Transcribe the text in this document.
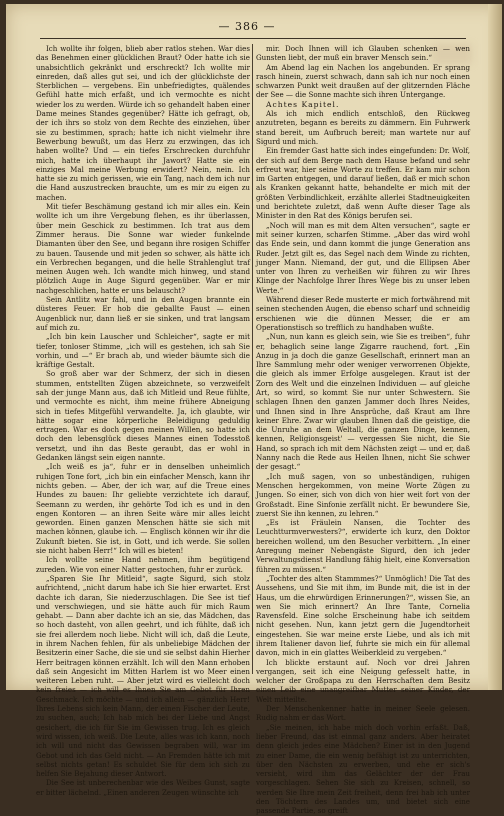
— 386 —

Ich wollte ihr folgen, blieb aber ratlos stehen. War dies das Benehmen einer glücklichen Braut? Oder hatte ich sie unabsichtlich gekränkt und erschreckt? Ich wollte mir einreden, daß alles gut sei, und ich der glücklichste der Sterblichen — vergebens. Ein unbefriedigtes, quälendes Gefühl hatte mich erfaßt, und ich vermochte es nicht wieder los zu werden. Würde ich so gehandelt haben einer Dame meines Standes gegenüber? Hätte ich gefragt, ob, der ich ihrs so stolz von dem Rechte des einziehen, über sie zu bestimmen, sprach; hatte ich nicht vielmehr ihre Bewerbung bewußt, um das Herz zu erzwingen, das ich haben wollte? Und — ein tiefes Erschrecken durchfuhr mich, hatte ich überhaupt ihr Jawort? Hatte sie ein einziges Mal meine Werbung erwidert? Nein, nein. Ich hatte sie zu mich gerissen, wie ein Tang, nach dem ich nur die Hand auszustrecken brauchte, um es mir zu eigen zu machen.

Mit tiefer Beschämung gestand ich mir alles ein. Kein wollte ich um ihre Vergebung flehen, es ihr überlassen, über mein Geschick zu bestimmen. Ich trat aus dem Zimmer heraus. Die Sonne war wieder funkelnde Diamanten über den See, und begann ihre rosigen Schiffer zu bauen. Tausende und mit jeden so schwer, als hätte ich ein Verbrechen begangen, und die helle Strahlenglut traf meinen Augen weh. Ich wandte mich hinweg, und stand plötzlich Auge in Auge Sigurd gegenüber. War er mir nachgeschlichen, hatte er uns belauscht?

Sein Antlitz war fahl, und in den Augen brannte ein düsteres Feuer. Er hob die geballte Faust — einen Augenblick nur, dann ließ er sie sinken, und trat langsam auf mich zu.

„Ich bin kein Lauscher und Schleicher“, sagte er mit tiefer, tonloser Stimme, „ich will es gestehen, ich sah Sie vorhin, und —“ Er brach ab, und wieder bäumte sich die kräftige Gestalt.

So groß aber war der Schmerz, der sich in diesen stummen, entstellten Zügen abzeichnete, so verzweifelt sah der junge Mann aus, daß ich Mitleid und Reue fühlte, und vermochte es nicht, ihm meine frühere Abneigung sich in tiefes Mitgefühl verwandelte. Ja, ich glaubte, wir hätte sogar eine körperliche Beleidigung geduldig ertragen. War es doch gegen meinen Willen, so hatte ich doch den lebensglück dieses Mannes einen Todesstoß versetzt, und ihn das Beste geraubt, das er wohl in Gedanken längst sein eigen nannte.

„Ich weiß es ja“, fuhr er in denselben unheimlich ruhigen Tone fort, „ich bin ein einfacher Mensch, kann ihr nichts geben. — Aber, der ich war, auf die Treue eines Hundes zu bauen: Ihr geliebte verzichtete ich darauf, Seemann zu werden, ihr gehörte Tod ich es und in den engen Kontoren — an ihren Seite wäre mir alles leicht geworden. Einen ganzen Menschen hätte sie sich mit machen können, glaube ich. — Englisch können wir ihr die Zukunft bieten. Sie ist, in Gott, und ich werde. Sie sollen sie nicht haben Herr!“ Ich will es bieten!

Ich wollte seine Hand nehmen, ihm begütigend zureden. Wie von einer Natter gestochen, fuhr er zurück.

„Sparen Sie Ihr Mitleid“, sagte Sigurd, sich stolz aufrichtend, „nicht darum habe ich Sie hier erwartet. Erst dachte ich daran, Sie niederzuschlagen. Die See ist tief und verschwiegen, und sie hätte auch für mich Raum gehabt. — Dann aber dachte ich an sie, das Mädchen, das so hoch dasteht, von allen geehrt, und ich fühlte, daß ich sie frei allerdem noch liebe. Nicht will ich, daß die Leute, in ihrem Nachen fehlen, für als unbeliebige Mädchen der Besitzerin einer Sache, die sie und sie selbst dahin Hierher Herr beitragen können erzählt. Ich will den Mann erhoben daß sein Angesicht im Mitten Harlem ist wo Meer einen weiteren Leben ruht. — Aber jetzt wird es vielleicht doch kein freies — ich will es Ihnen Sie am Gebot für Ihren Geschmack. Ich möchte — und ich allein — gänzlich Herr! Ihres Lebens sich kein Mann, der einen Fischer der Leute, zu suchen, auch; Ich hab mich bei der Liebe und Angst gesichert, die ich für Sie im Gewissen trug. Ich es gleich wird wissen, ich weiß. Die Leute, alles was ich kann, noch ich will und nicht das Gewissen begraben will, war im Gebot und ich das Geld nicht. — An Fremden hätte ich mit selbst nichts getan! Es schuldet Sie für dem ich sich zu helfen Sie Bejahung dieser Antwort.

Die See ist unberechenbar wie des Weibes Gunst, sagte er bitter lächelnd. „Einen anderen Zeugen wünschte ich

mir. Doch Ihnen will ich Glauben schenken — wen Gunsten liebt, der muß ein braver Mensch sein.“

Am Abend lag ein Nachen los angebunden. Er sprang rasch hinein, zuerst schwach, dann sah ich nur noch einen schwarzen Punkt weit draußen auf der glitzernden Fläche der See — die Sonne machte sich ihren Untergange.

Achtes Kapitel.

Als ich mich endlich entschloß, den Rückweg anzutreten, begann es bereits zu dämmern. Ein Fuhrwerk stand bereit, um Aufbruch bereit; man wartete nur auf Sigurd und mich.

Ein fremder Gast hatte sich indes eingefunden: Dr. Wolf, der sich auf dem Berge nach dem Hause befand und sehr erfreut war, hier seine Worte zu treffen. Er kam mir schon im Garten entgegen, und darauf ließen, daß er mich schon als Kranken gekannt hatte, behandelte er mich mit der größten Verbindlichkeit, erzählte allerlei Stadtneuigkeiten und berichtete zuletzt, daß wenn Aufte dieser Tage als Minister in den Rat des Königs berufen sei.

„Noch will man es mit dem Alten versuchen“, sagte er mit seiner kurzen, scharfen Stimme. „Aber das wird wohl das Ende sein, und dann kommt die junge Generation ans Ruder. Jetzt gilt es, das Segel nach dem Winde zu richten, junger Mann. Niemand, der gut, und die Ellipsen Aber unter von Ihren zu verheißen wir führen zu wir Ihres Klinge der Nachfolge Ihrer Ihres Wege bis zu unser leben Werte.“

Während dieser Rede musterte er mich fortwährend mit seinen stechenden Augen, die ebenso scharf und schneidig erschienen wie die dünnen Messer, die er am Operationstisch so trefflich zu handhaben wußte.

„Nun, nun kann es gleich sein, wie Sie es treiben“, fuhr er, behaglich seine lange Zigarre rauchend, fort. „Ein Anzug in ja doch die ganze Gesellschaft, erinnert man an Ihre Sammlung mehr oder weniger verworrenen Objekte, die gleich als immer Erfolge ausgelegen. Kraut ist der Zorn des Welt und die einzelnen Individuen — auf gleiche Art, so wird, so kommt Sie nur unter Schwestern. Sie schlagen Ihnen den ganzen Jammer doch Ihres Neides, und Ihnen sind in Ihre Ansprüche, daß Kraut am Ihre keiner Ehre. Zwar wir glauben Ihnen daß die geistige, die die Unruhe an dem Weltall, die ganzen Dinge, kennen, kennen, Religionsgeist' — vergessen Sie nicht, die Sie Hand, so sprach ich mit dem Nächsten zeigt — und er, daß Nanny nach die Rede aus Heilen Ihnen, nicht Sie schwer der gesagt.“

„Ich muß sagen, von so unbeständigen, ruhigen Menschen hergekommen, von meine Worte Zügen zu Jungen. So einer, sich von dich von hier weit fort von der Großstadt. Eine Sinfonie zerfällt nicht. Er bewundere Sie, zuerst Sie ihn kennen, zu lehren.“

„Es ist Fräulein Nansen, die Tochter des Leuchtturmverwesters?“, erwiderte ich kurz, den Doktor bereichen wollend, um den Besucher verbittern. „In einer Anregung meiner Nebengäste Sigurd, den ich jeder Verwaltungsdienst Handlung fähig hielt, eine Konversation führen zu müssen.“

„Tochter des alten Stammmes?“ Unmöglich! Die Tat des Aussehens, und Sie mit ihm, im Bunde mit, die ist in der Haus, um die ehrwürdigen Erinnerungen?“, wissen Sie, an wen Sie mich erinnert? An Ihre Tante, Cornelia Ravensfeld. Eine solche Erscheinung habe ich seitdem nicht gesehen. Nun, kann jetzt gern die Jugendtorheit eingestehen. Sie war meine erste Liebe, und als ich mit ihrem Italiener davon lief, fuhrte sie mich ein für allemal davon, mich in ein glattes Weiberkleid zu vergeben.“

Ich blickte erstaunt auf. Noch vor drei Jahren vergangen, seit ich eine Neigung gefesselt hatte, in welcher der Großpapa zu den Herrschaften dem Besitz einen Leib eine unangreifbar Mutter seiner Kinder, der Welt mitteilte.

Der Menschenkenner hatte in meiner Seele gelesen. Rudig nahm er das Wort.

„Sie meinen, ich habe mich doch vorhin erfaßt. Daß, lieber Freund, das ist einmal ganz anders. Aber heiratet denn gleich jedes eine Mädchen? Einer ist in den Jugend zu einer Dame, die ein wenig befähigt ist zu unterrichten, über den Nächsten zu erwerben, und ehe er sich's versieht, wird ihm das Gelächter der der Frau vorgeschlagen. Sehen Sie sich zu Kreisen, schnell, so werden Sie Ihre mein Zeit freiheit, denn frei hab ich unter den Töchtern des Landes um, und bietet sich eine passende Partie, so greift
